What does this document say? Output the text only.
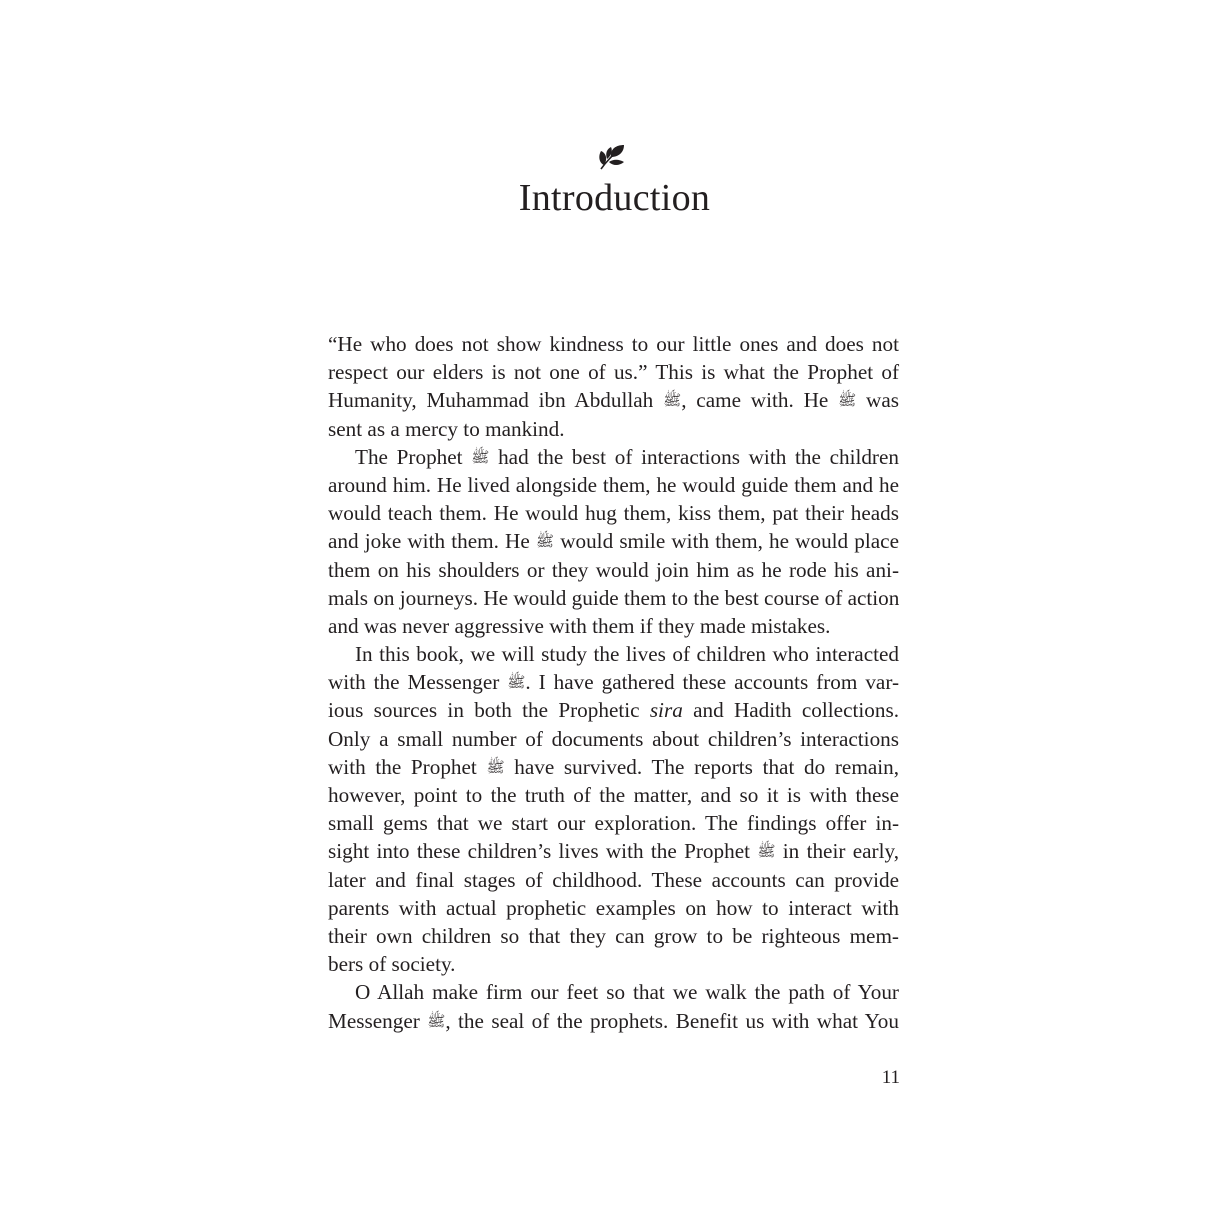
Introduction
“He who does not show kindness to our little ones and does not
respect our elders is not one of us.” This is what the Prophet of
Humanity, Muhammad ibn Abdullah ﷺ, came with. He ﷺ was
sent as a mercy to mankind.
The Prophet ﷺ had the best of interactions with the children
around him. He lived alongside them, he would guide them and he
would teach them. He would hug them, kiss them, pat their heads
and joke with them. He ﷺ would smile with them, he would place
them on his shoulders or they would join him as he rode his ani-
mals on journeys. He would guide them to the best course of action
and was never aggressive with them if they made mistakes.
In this book, we will study the lives of children who interacted
with the Messenger ﷺ. I have gathered these accounts from var-
ious sources in both the Prophetic sira and Hadith collections.
Only a small number of documents about children’s interactions
with the Prophet ﷺ have survived. The reports that do remain,
however, point to the truth of the matter, and so it is with these
small gems that we start our exploration. The findings offer in-
sight into these children’s lives with the Prophet ﷺ in their early,
later and final stages of childhood. These accounts can provide
parents with actual prophetic examples on how to interact with
their own children so that they can grow to be righteous mem-
bers of society.
O Allah make firm our feet so that we walk the path of Your
Messenger ﷺ, the seal of the prophets. Benefit us with what You
11
